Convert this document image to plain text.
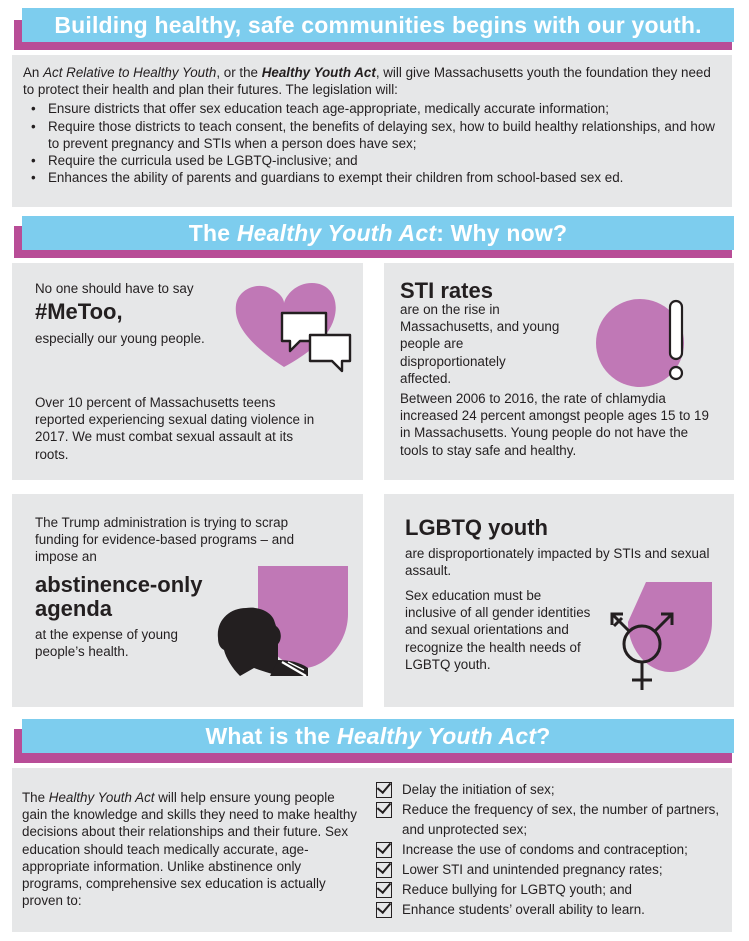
Building healthy, safe communities begins with our youth.

An Act Relative to Healthy Youth, or the Healthy Youth Act, will give Massachusetts youth the foundation they need to protect their health and plan their futures. The legislation will:

• Ensure districts that offer sex education teach age-appropriate, medically accurate information;
• Require those districts to teach consent, the benefits of delaying sex, how to build healthy relationships, and how to prevent pregnancy and STIs when a person does have sex;
• Require the curricula used be LGBTQ-inclusive; and
• Enhances the ability of parents and guardians to exempt their children from school-based sex ed.
The Healthy Youth Act: Why now?
No one should have to say
#MeToo,
especially our young people.
Over 10 percent of Massachusetts teens reported experiencing sexual dating violence in 2017. We must combat sexual assault at its roots.
STI rates
are on the rise in Massachusetts, and young people are disproportionately affected.
Between 2006 to 2016, the rate of chlamydia increased 24 percent amongst people ages 15 to 19 in Massachusetts. Young people do not have the tools to stay safe and healthy.
The Trump administration is trying to scrap funding for evidence-based programs – and impose an
abstinence-only agenda
at the expense of young people’s health.
LGBTQ youth
are disproportionately impacted by STIs and sexual assault.
Sex education must be inclusive of all gender identities and sexual orientations and recognize the health needs of LGBTQ youth.
What is the Healthy Youth Act?
The Healthy Youth Act will help ensure young people gain the knowledge and skills they need to make healthy decisions about their relationships and their future. Sex education should teach medically accurate, age-appropriate information. Unlike abstinence only programs, comprehensive sex education is actually proven to:
Delay the initiation of sex;
Reduce the frequency of sex, the number of partners, and unprotected sex;
Increase the use of condoms and contraception;
Lower STI and unintended pregnancy rates;
Reduce bullying for LGBTQ youth; and
Enhance students’ overall ability to learn.
